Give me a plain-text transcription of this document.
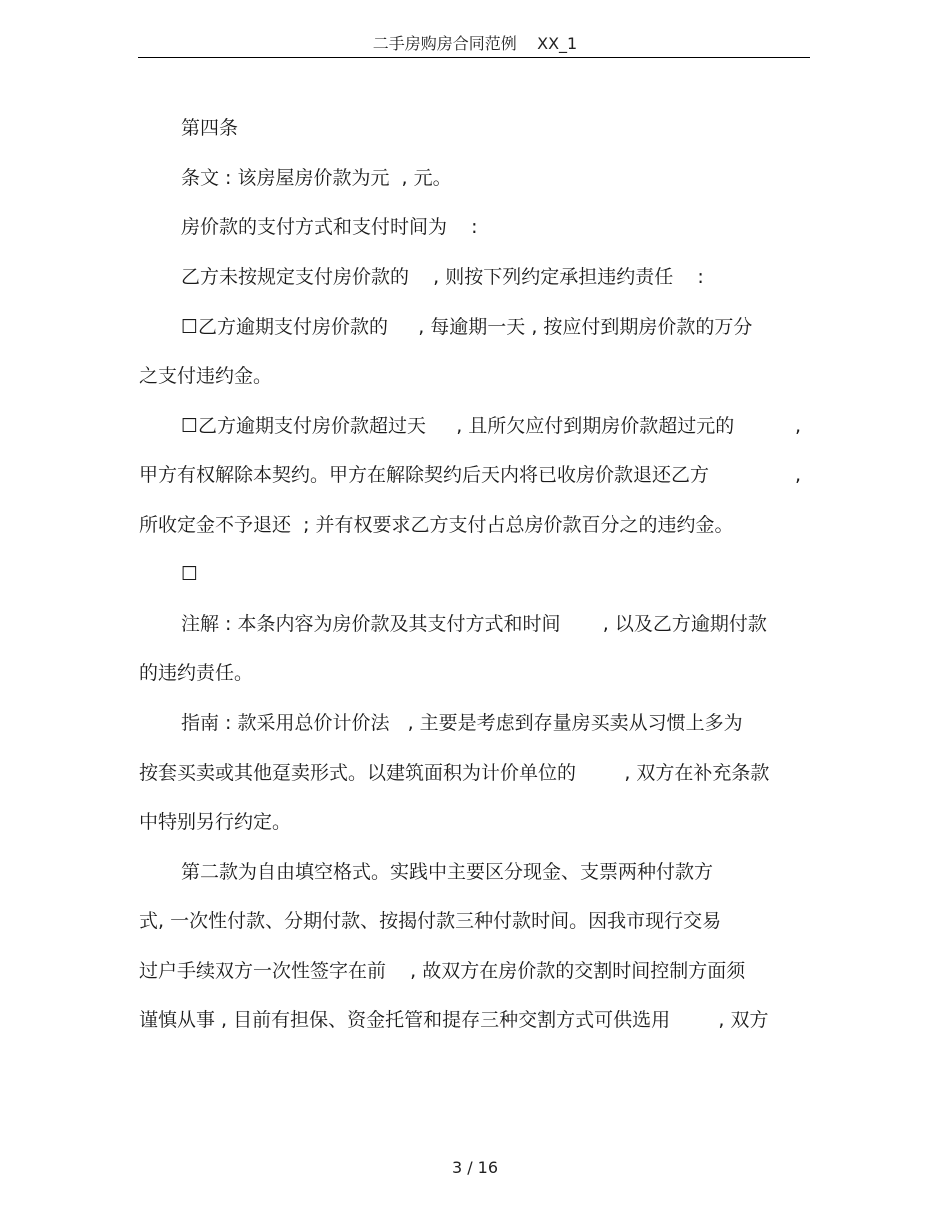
二手房购房合同范例    XX_1
第四条
条文 : 该房屋房价款为元  , 元。
房价款的支付方式和支付时间为    :
乙方未按规定支付房价款的    , 则按下列约定承担违约责任    :
☐乙方逾期支付房价款的     , 每逾期一天 , 按应付到期房价款的万分
之支付违约金。
☐乙方逾期支付房价款超过天     , 且所欠应付到期房价款超过元的	,
甲方有权解除本契约。甲方在解除契约后天内将已收房价款退还乙方	,
所收定金不予退还  ; 并有权要求乙方支付占总房价款百分之的违约金。
☐
注解 : 本条内容为房价款及其支付方式和时间       , 以及乙方逾期付款
的违约责任。
指南 : 款采用总价计价法   , 主要是考虑到存量房买卖从习惯上多为
按套买卖或其他趸卖形式。以建筑面积为计价单位的        , 双方在补充条款
中特别另行约定。
第二款为自由填空格式。实践中主要区分现金、支票两种付款方
式, 一次性付款、分期付款、按揭付款三种付款时间。因我市现行交易
过户手续双方一次性签字在前    , 故双方在房价款的交割时间控制方面须
谨慎从事 , 目前有担保、资金托管和提存三种交割方式可供选用        , 双方
3 / 16
